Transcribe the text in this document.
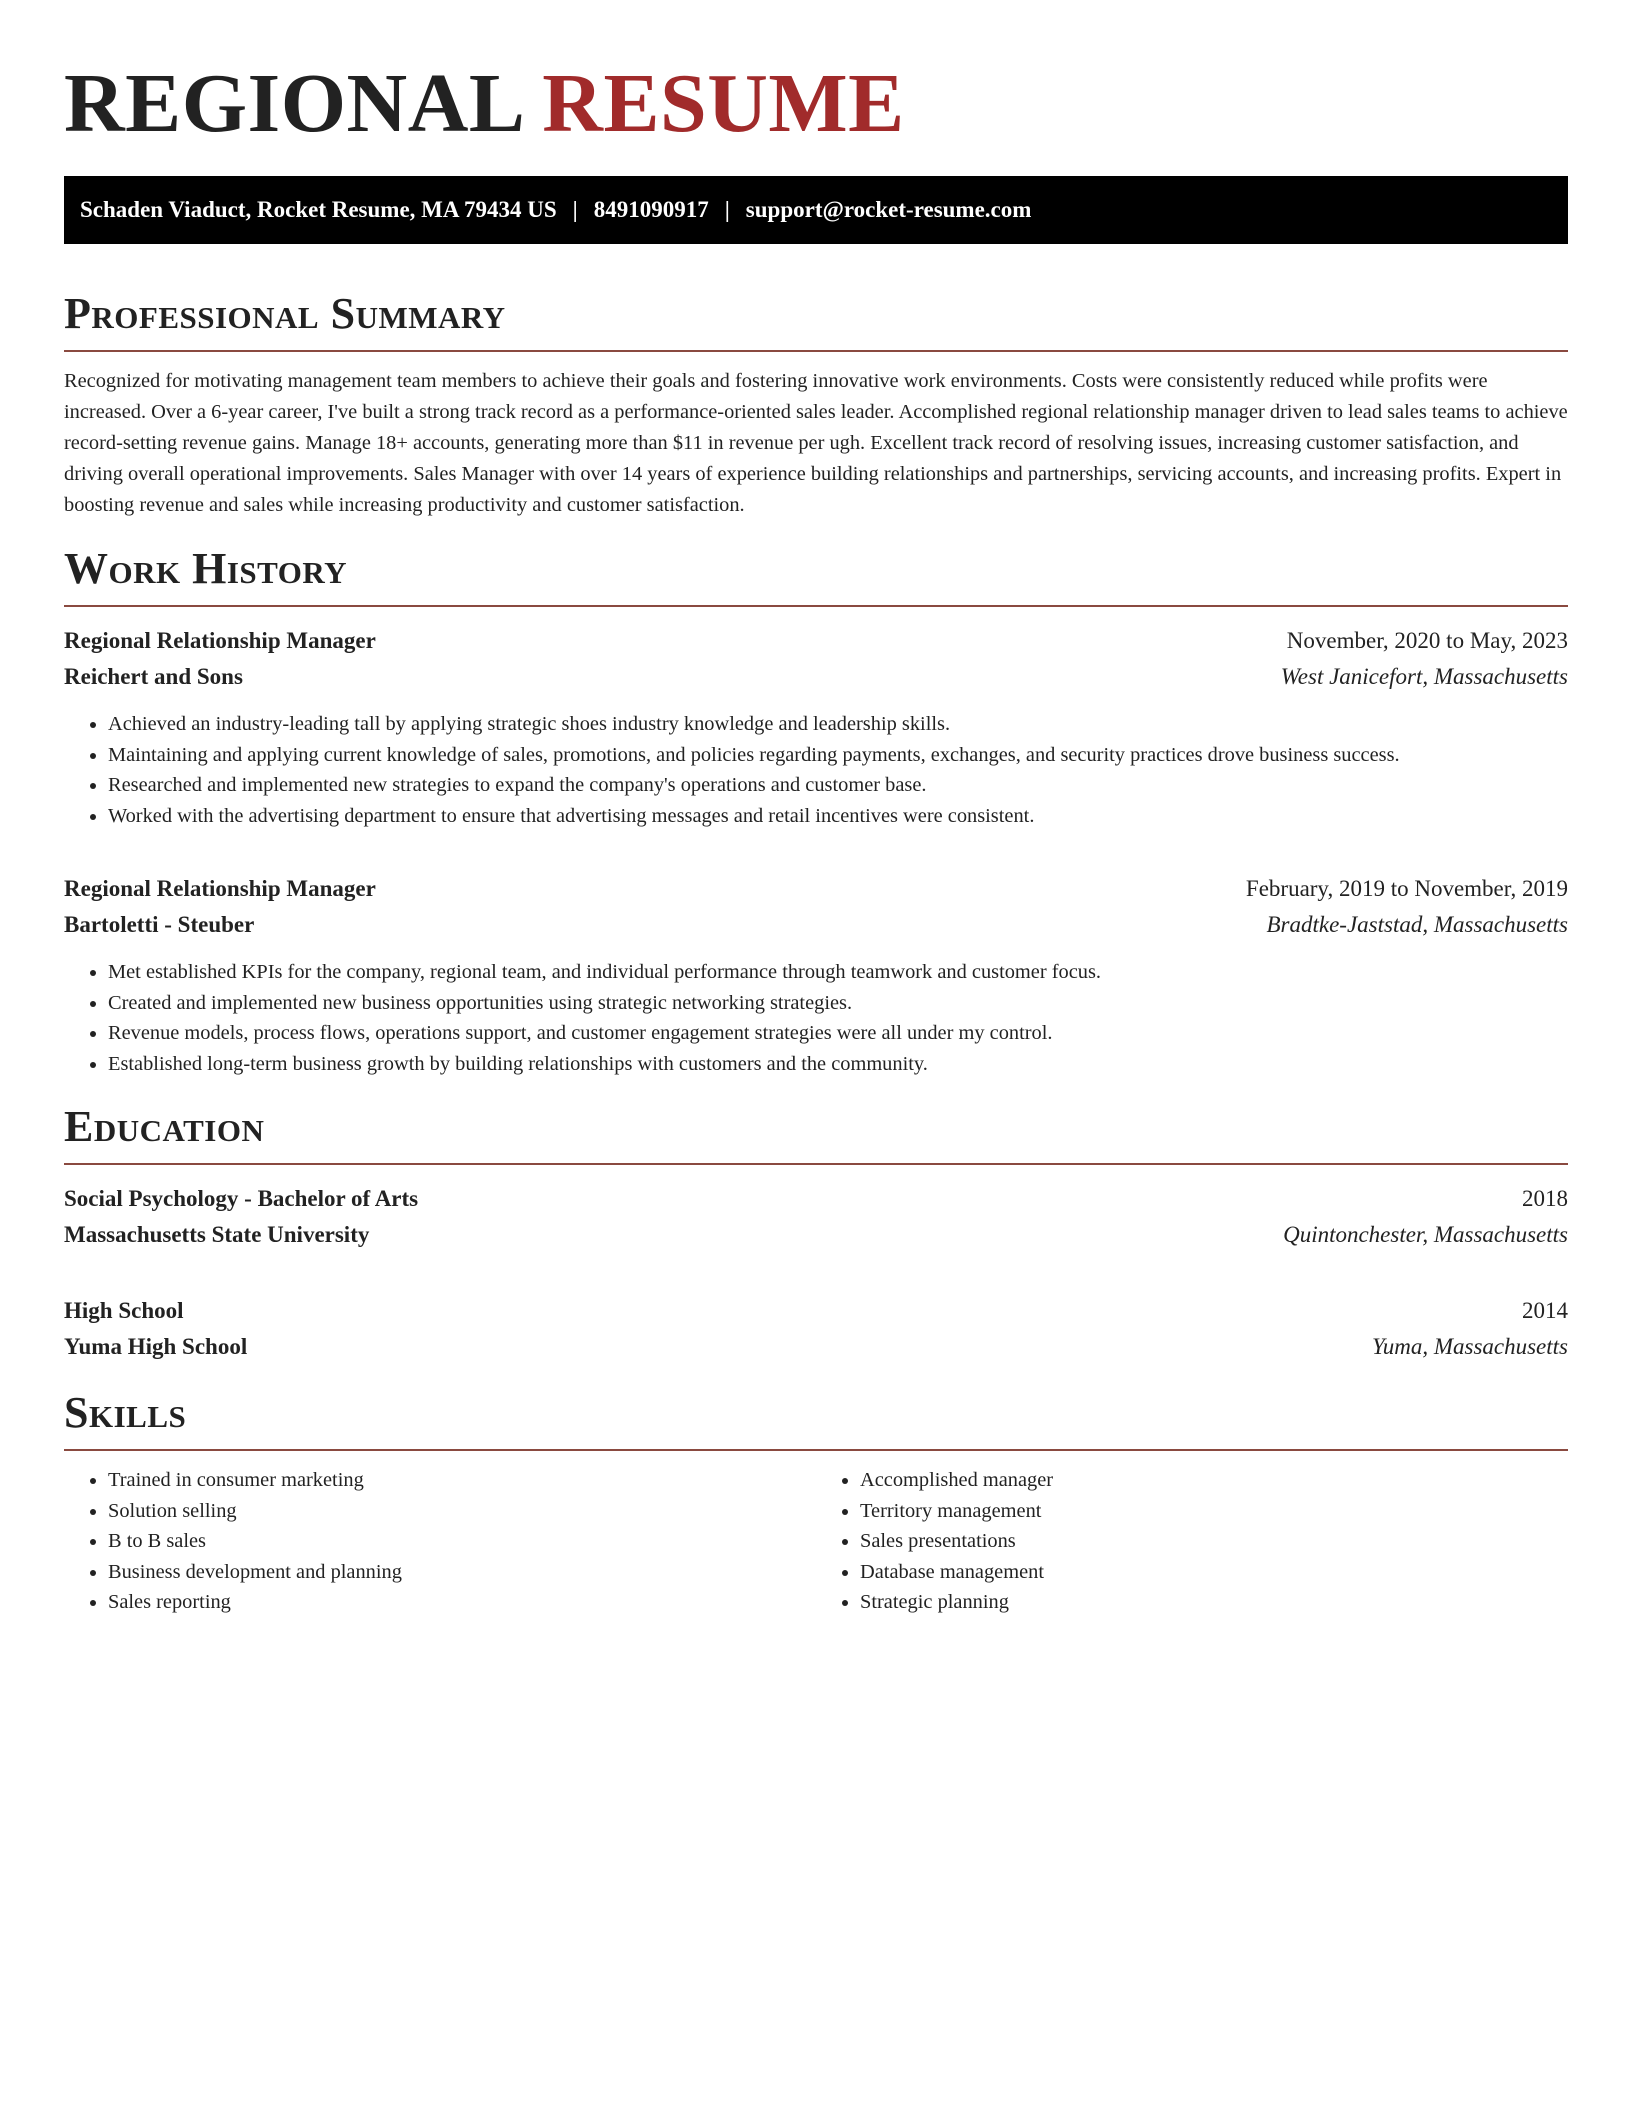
REGIONAL RESUME
Schaden Viaduct, Rocket Resume, MA 79434 US | 8491090917 | support@rocket-resume.com
Professional Summary

Recognized for motivating management team members to achieve their goals and fostering innovative work environments. Costs were consistently reduced while profits were increased. Over a 6-year career, I've built a strong track record as a performance-oriented sales leader. Accomplished regional relationship manager driven to lead sales teams to achieve record-setting revenue gains. Manage 18+ accounts, generating more than $11 in revenue per ugh. Excellent track record of resolving issues, increasing customer satisfaction, and driving overall operational improvements. Sales Manager with over 14 years of experience building relationships and partnerships, servicing accounts, and increasing profits. Expert in boosting revenue and sales while increasing productivity and customer satisfaction.

Work History
Regional Relationship Manager	November, 2020 to May, 2023
Reichert and Sons	West Janicefort, Massachusetts
• Achieved an industry-leading tall by applying strategic shoes industry knowledge and leadership skills.
• Maintaining and applying current knowledge of sales, promotions, and policies regarding payments, exchanges, and security practices drove business success.
• Researched and implemented new strategies to expand the company's operations and customer base.
• Worked with the advertising department to ensure that advertising messages and retail incentives were consistent.
Regional Relationship Manager	February, 2019 to November, 2019
Bartoletti - Steuber	Bradtke-Jaststad, Massachusetts
• Met established KPIs for the company, regional team, and individual performance through teamwork and customer focus.
• Created and implemented new business opportunities using strategic networking strategies.
• Revenue models, process flows, operations support, and customer engagement strategies were all under my control.
• Established long-term business growth by building relationships with customers and the community.
Education
Social Psychology - Bachelor of Arts	2018
Massachusetts State University	Quintonchester, Massachusetts
High School	2014
Yuma High School	Yuma, Massachusetts
Skills
• Trained in consumer marketing
• Solution selling
• B to B sales
• Business development and planning
• Sales reporting
• Accomplished manager
• Territory management
• Sales presentations
• Database management
• Strategic planning
